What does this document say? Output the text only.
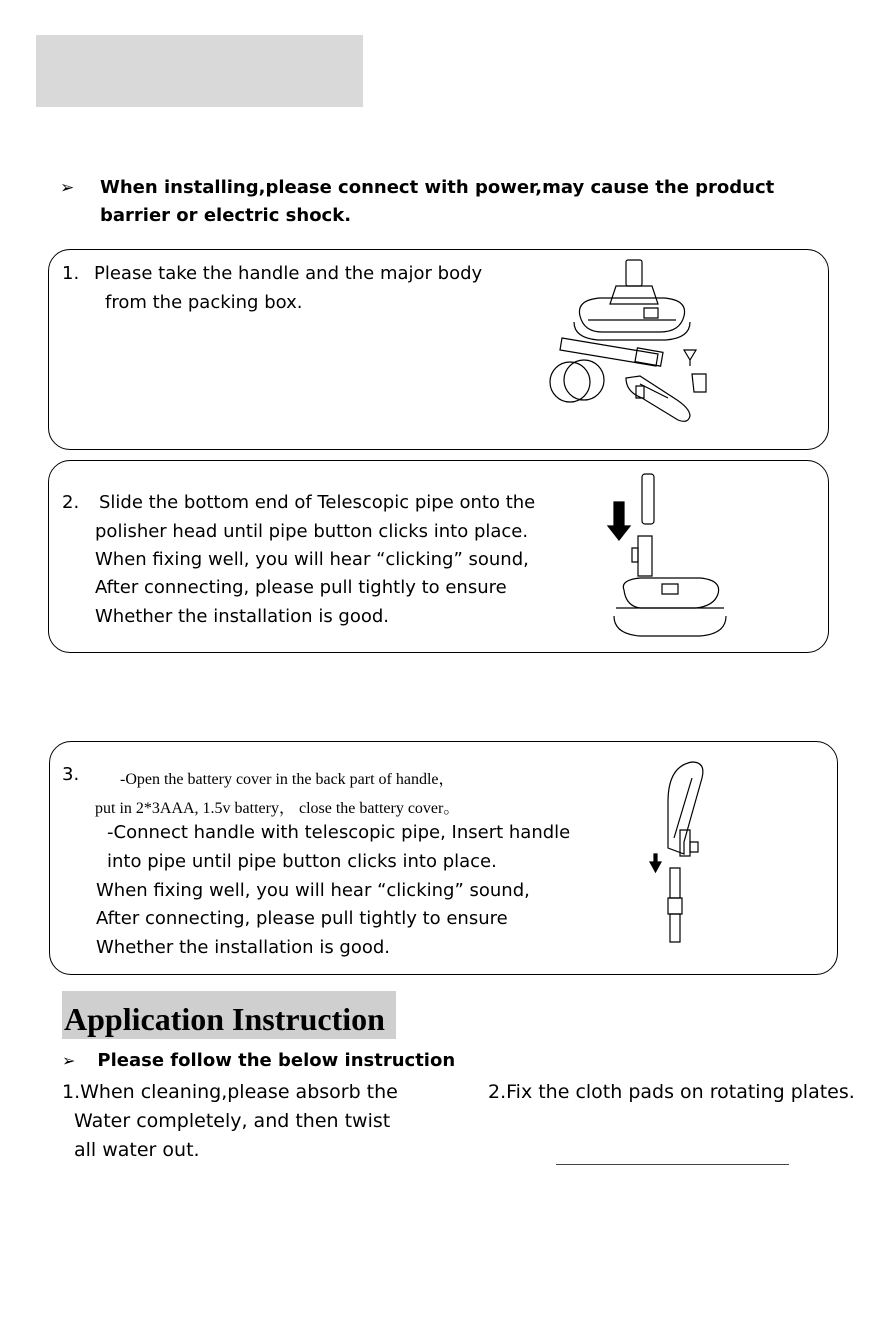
➢	When installing,please connect with power,may cause the product barrier or electric shock.
1. Please take the handle and the major body
from the packing box.
2. Slide the bottom end of Telescopic pipe onto the
polisher head until pipe button clicks into place.
When fixing well, you will hear “clicking” sound,
After connecting, please pull tightly to ensure
Whether the installation is good.
3.	-Open the battery cover in the back part of handle，
put in 2*3AAA, 1.5v battery， close the battery cover。
-Connect handle with telescopic pipe, Insert handle
into pipe until pipe button clicks into place.
When fixing well, you will hear “clicking” sound,
After connecting, please pull tightly to ensure
Whether the installation is good.
Application Instruction
➢ Please follow the below instruction
1.When cleaning,please absorb the
Water completely, and then twist
all water out.
2.Fix the cloth pads on rotating plates.
